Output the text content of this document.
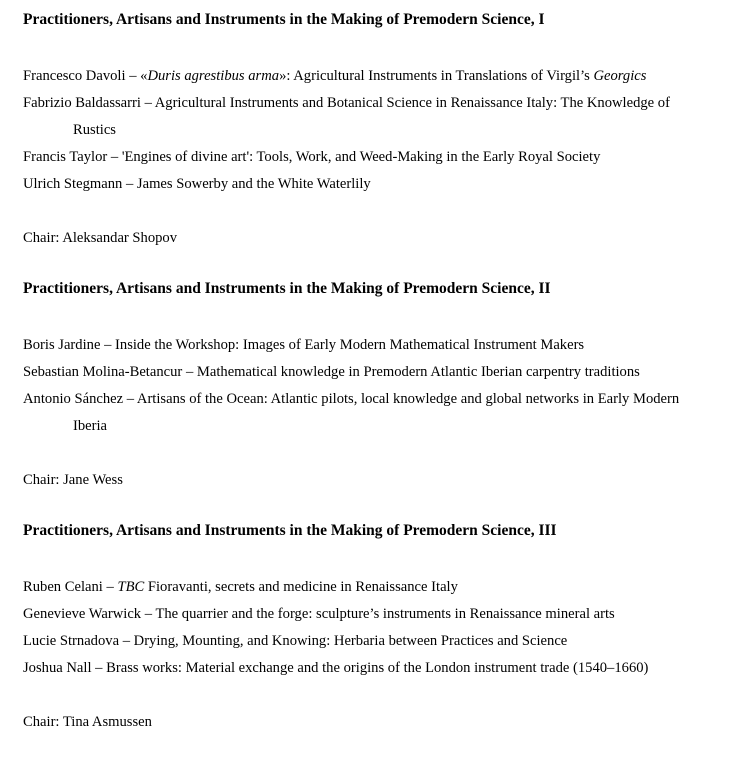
Practitioners, Artisans and Instruments in the Making of Premodern Science, I
Francesco Davoli – «Duris agrestibus arma»: Agricultural Instruments in Translations of Virgil’s Georgics
Fabrizio Baldassarri – Agricultural Instruments and Botanical Science in Renaissance Italy: The Knowledge of Rustics
Francis Taylor – 'Engines of divine art': Tools, Work, and Weed-Making in the Early Royal Society
Ulrich Stegmann – James Sowerby and the White Waterlily
Chair: Aleksandar Shopov
Practitioners, Artisans and Instruments in the Making of Premodern Science, II
Boris Jardine – Inside the Workshop: Images of Early Modern Mathematical Instrument Makers
Sebastian Molina-Betancur – Mathematical knowledge in Premodern Atlantic Iberian carpentry traditions
Antonio Sánchez – Artisans of the Ocean: Atlantic pilots, local knowledge and global networks in Early Modern Iberia
Chair: Jane Wess
Practitioners, Artisans and Instruments in the Making of Premodern Science, III
Ruben Celani – TBC Fioravanti, secrets and medicine in Renaissance Italy
Genevieve Warwick – The quarrier and the forge: sculpture’s instruments in Renaissance mineral arts
Lucie Strnadova – Drying, Mounting, and Knowing: Herbaria between Practices and Science
Joshua Nall – Brass works: Material exchange and the origins of the London instrument trade (1540–1660)
Chair: Tina Asmussen
